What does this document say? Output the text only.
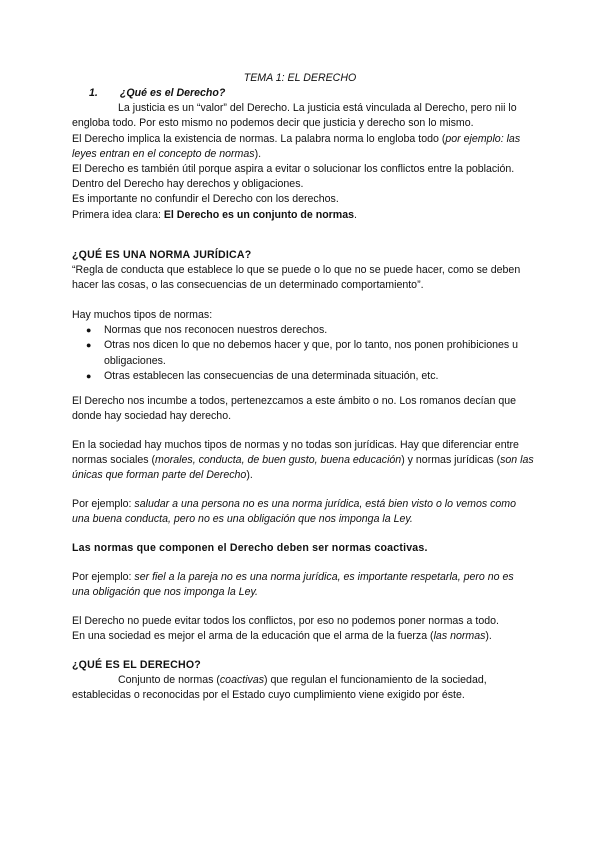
TEMA 1: EL DERECHO

1. ¿Qué es el Derecho?

La justicia es un “valor” del Derecho. La justicia está vinculada al Derecho, pero nii lo engloba todo. Por esto mismo no podemos decir que justicia y derecho son lo mismo.

El Derecho implica la existencia de normas. La palabra norma lo engloba todo (por ejemplo: las leyes entran en el concepto de normas).

El Derecho es también útil porque aspira a evitar o solucionar los conflictos entre la población.

Dentro del Derecho hay derechos y obligaciones.

Es importante no confundir el Derecho con los derechos.

Primera idea clara: El Derecho es un conjunto de normas.

¿QUÉ ES UNA NORMA JURÍDICA?

“Regla de conducta que establece lo que se puede o lo que no se puede hacer, como se deben hacer las cosas, o las consecuencias de un determinado comportamiento”.

Hay muchos tipos de normas:

● Normas que nos reconocen nuestros derechos.
● Otras nos dicen lo que no debemos hacer y que, por lo tanto, nos ponen prohibiciones u obligaciones.
● Otras establecen las consecuencias de una determinada situación, etc.

El Derecho nos incumbe a todos, pertenezcamos a este ámbito o no. Los romanos decían que donde hay sociedad hay derecho.

En la sociedad hay muchos tipos de normas y no todas son jurídicas. Hay que diferenciar entre normas sociales (morales, conducta, de buen gusto, buena educación) y normas jurídicas (son las únicas que forman parte del Derecho).

Por ejemplo: saludar a una persona no es una norma jurídica, está bien visto o lo vemos como una buena conducta, pero no es una obligación que nos imponga la Ley.

Las normas que componen el Derecho deben ser normas coactivas.

Por ejemplo: ser fiel a la pareja no es una norma jurídica, es importante respetarla, pero no es una obligación que nos imponga la Ley.

El Derecho no puede evitar todos los conflictos, por eso no podemos poner normas a todo.

En una sociedad es mejor el arma de la educación que el arma de la fuerza (las normas).

¿QUÉ ES EL DERECHO?

Conjunto de normas (coactivas) que regulan el funcionamiento de la sociedad, establecidas o reconocidas por el Estado cuyo cumplimiento viene exigido por éste.
